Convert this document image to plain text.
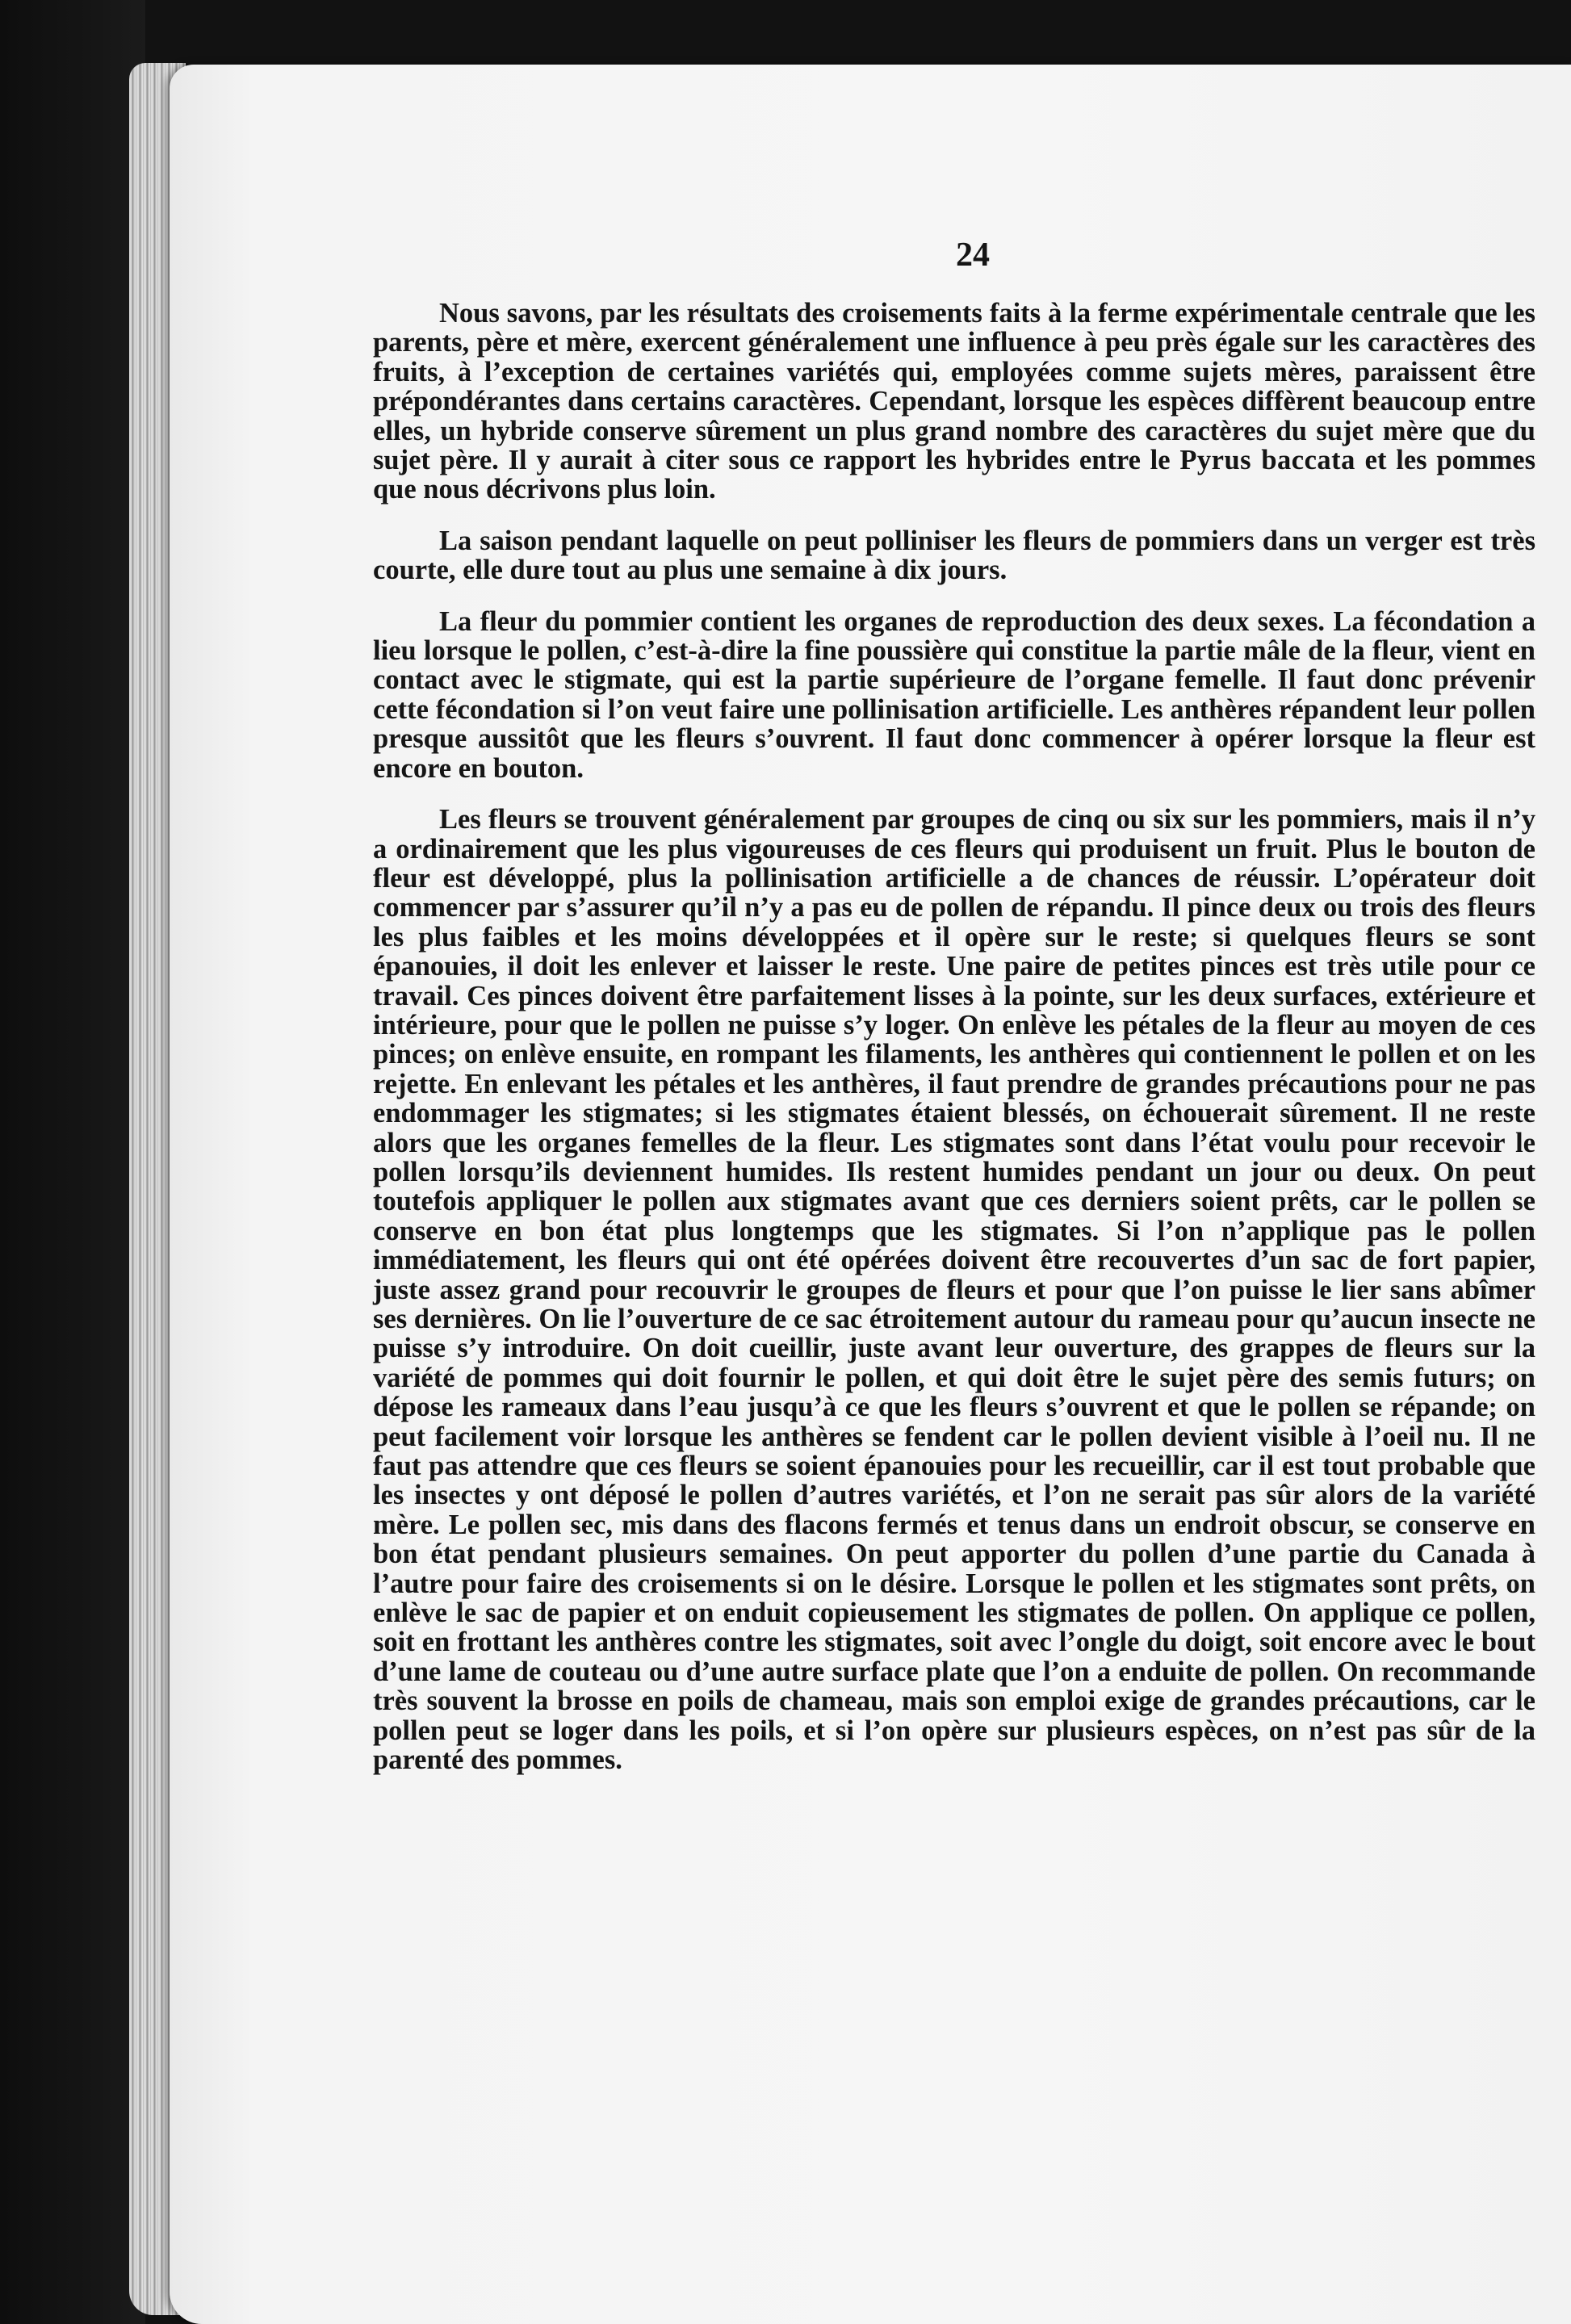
24

Nous savons, par les résultats des croisements faits à la ferme expérimentale centrale que les parents, père et mère, exercent généralement une influence à peu près égale sur les caractères des fruits, à l’exception de certaines variétés qui, employées comme sujets mères, paraissent être prépondérantes dans certains caractères. Cependant, lorsque les espèces diffèrent beaucoup entre elles, un hybride conserve sûrement un plus grand nombre des caractères du sujet mère que du sujet père. Il y aurait à citer sous ce rapport les hybrides entre le Pyrus baccata et les pommes que nous décrivons plus loin.

La saison pendant laquelle on peut polliniser les fleurs de pommiers dans un verger est très courte, elle dure tout au plus une semaine à dix jours.

La fleur du pommier contient les organes de reproduction des deux sexes. La fécondation a lieu lorsque le pollen, c’est-à-dire la fine poussière qui constitue la partie mâle de la fleur, vient en contact avec le stigmate, qui est la partie supérieure de l’organe femelle. Il faut donc prévenir cette fécondation si l’on veut faire une pollinisation artificielle. Les anthères répandent leur pollen presque aussitôt que les fleurs s’ouvrent. Il faut donc commencer à opérer lorsque la fleur est encore en bouton.

Les fleurs se trouvent généralement par groupes de cinq ou six sur les pommiers, mais il n’y a ordinairement que les plus vigoureuses de ces fleurs qui produisent un fruit. Plus le bouton de fleur est développé, plus la pollinisation artificielle a de chances de réussir. L’opérateur doit commencer par s’assurer qu’il n’y a pas eu de pollen de répandu. Il pince deux ou trois des fleurs les plus faibles et les moins développées et il opère sur le reste; si quelques fleurs se sont épanouies, il doit les enlever et laisser le reste. Une paire de petites pinces est très utile pour ce travail. Ces pinces doivent être parfaitement lisses à la pointe, sur les deux surfaces, extérieure et intérieure, pour que le pollen ne puisse s’y loger. On enlève les pétales de la fleur au moyen de ces pinces; on enlève ensuite, en rompant les filaments, les anthères qui contiennent le pollen et on les rejette. En enlevant les pétales et les anthères, il faut prendre de grandes précautions pour ne pas endommager les stigmates; si les stigmates étaient blessés, on échouerait sûrement. Il ne reste alors que les organes femelles de la fleur. Les stigmates sont dans l’état voulu pour recevoir le pollen lorsqu’ils deviennent humides. Ils restent humides pendant un jour ou deux. On peut toutefois appliquer le pollen aux stigmates avant que ces derniers soient prêts, car le pollen se conserve en bon état plus longtemps que les stigmates. Si l’on n’applique pas le pollen immédiatement, les fleurs qui ont été opérées doivent être recouvertes d’un sac de fort papier, juste assez grand pour recouvrir le groupes de fleurs et pour que l’on puisse le lier sans abîmer ses dernières. On lie l’ouverture de ce sac étroitement autour du rameau pour qu’aucun insecte ne puisse s’y introduire. On doit cueillir, juste avant leur ouverture, des grappes de fleurs sur la variété de pommes qui doit fournir le pollen, et qui doit être le sujet père des semis futurs; on dépose les rameaux dans l’eau jusqu’à ce que les fleurs s’ouvrent et que le pollen se répande; on peut facilement voir lorsque les anthères se fendent car le pollen devient visible à l’oeil nu. Il ne faut pas attendre que ces fleurs se soient épanouies pour les recueillir, car il est tout probable que les insectes y ont déposé le pollen d’autres variétés, et l’on ne serait pas sûr alors de la variété mère. Le pollen sec, mis dans des flacons fermés et tenus dans un endroit obscur, se conserve en bon état pendant plusieurs semaines. On peut apporter du pollen d’une partie du Canada à l’autre pour faire des croisements si on le désire. Lorsque le pollen et les stigmates sont prêts, on enlève le sac de papier et on enduit copieusement les stigmates de pollen. On applique ce pollen, soit en frottant les anthères contre les stigmates, soit avec l’ongle du doigt, soit encore avec le bout d’une lame de couteau ou d’une autre surface plate que l’on a enduite de pollen. On recommande très souvent la brosse en poils de chameau, mais son emploi exige de grandes précautions, car le pollen peut se loger dans les poils, et si l’on opère sur plusieurs espèces, on n’est pas sûr de la parenté des pommes.
